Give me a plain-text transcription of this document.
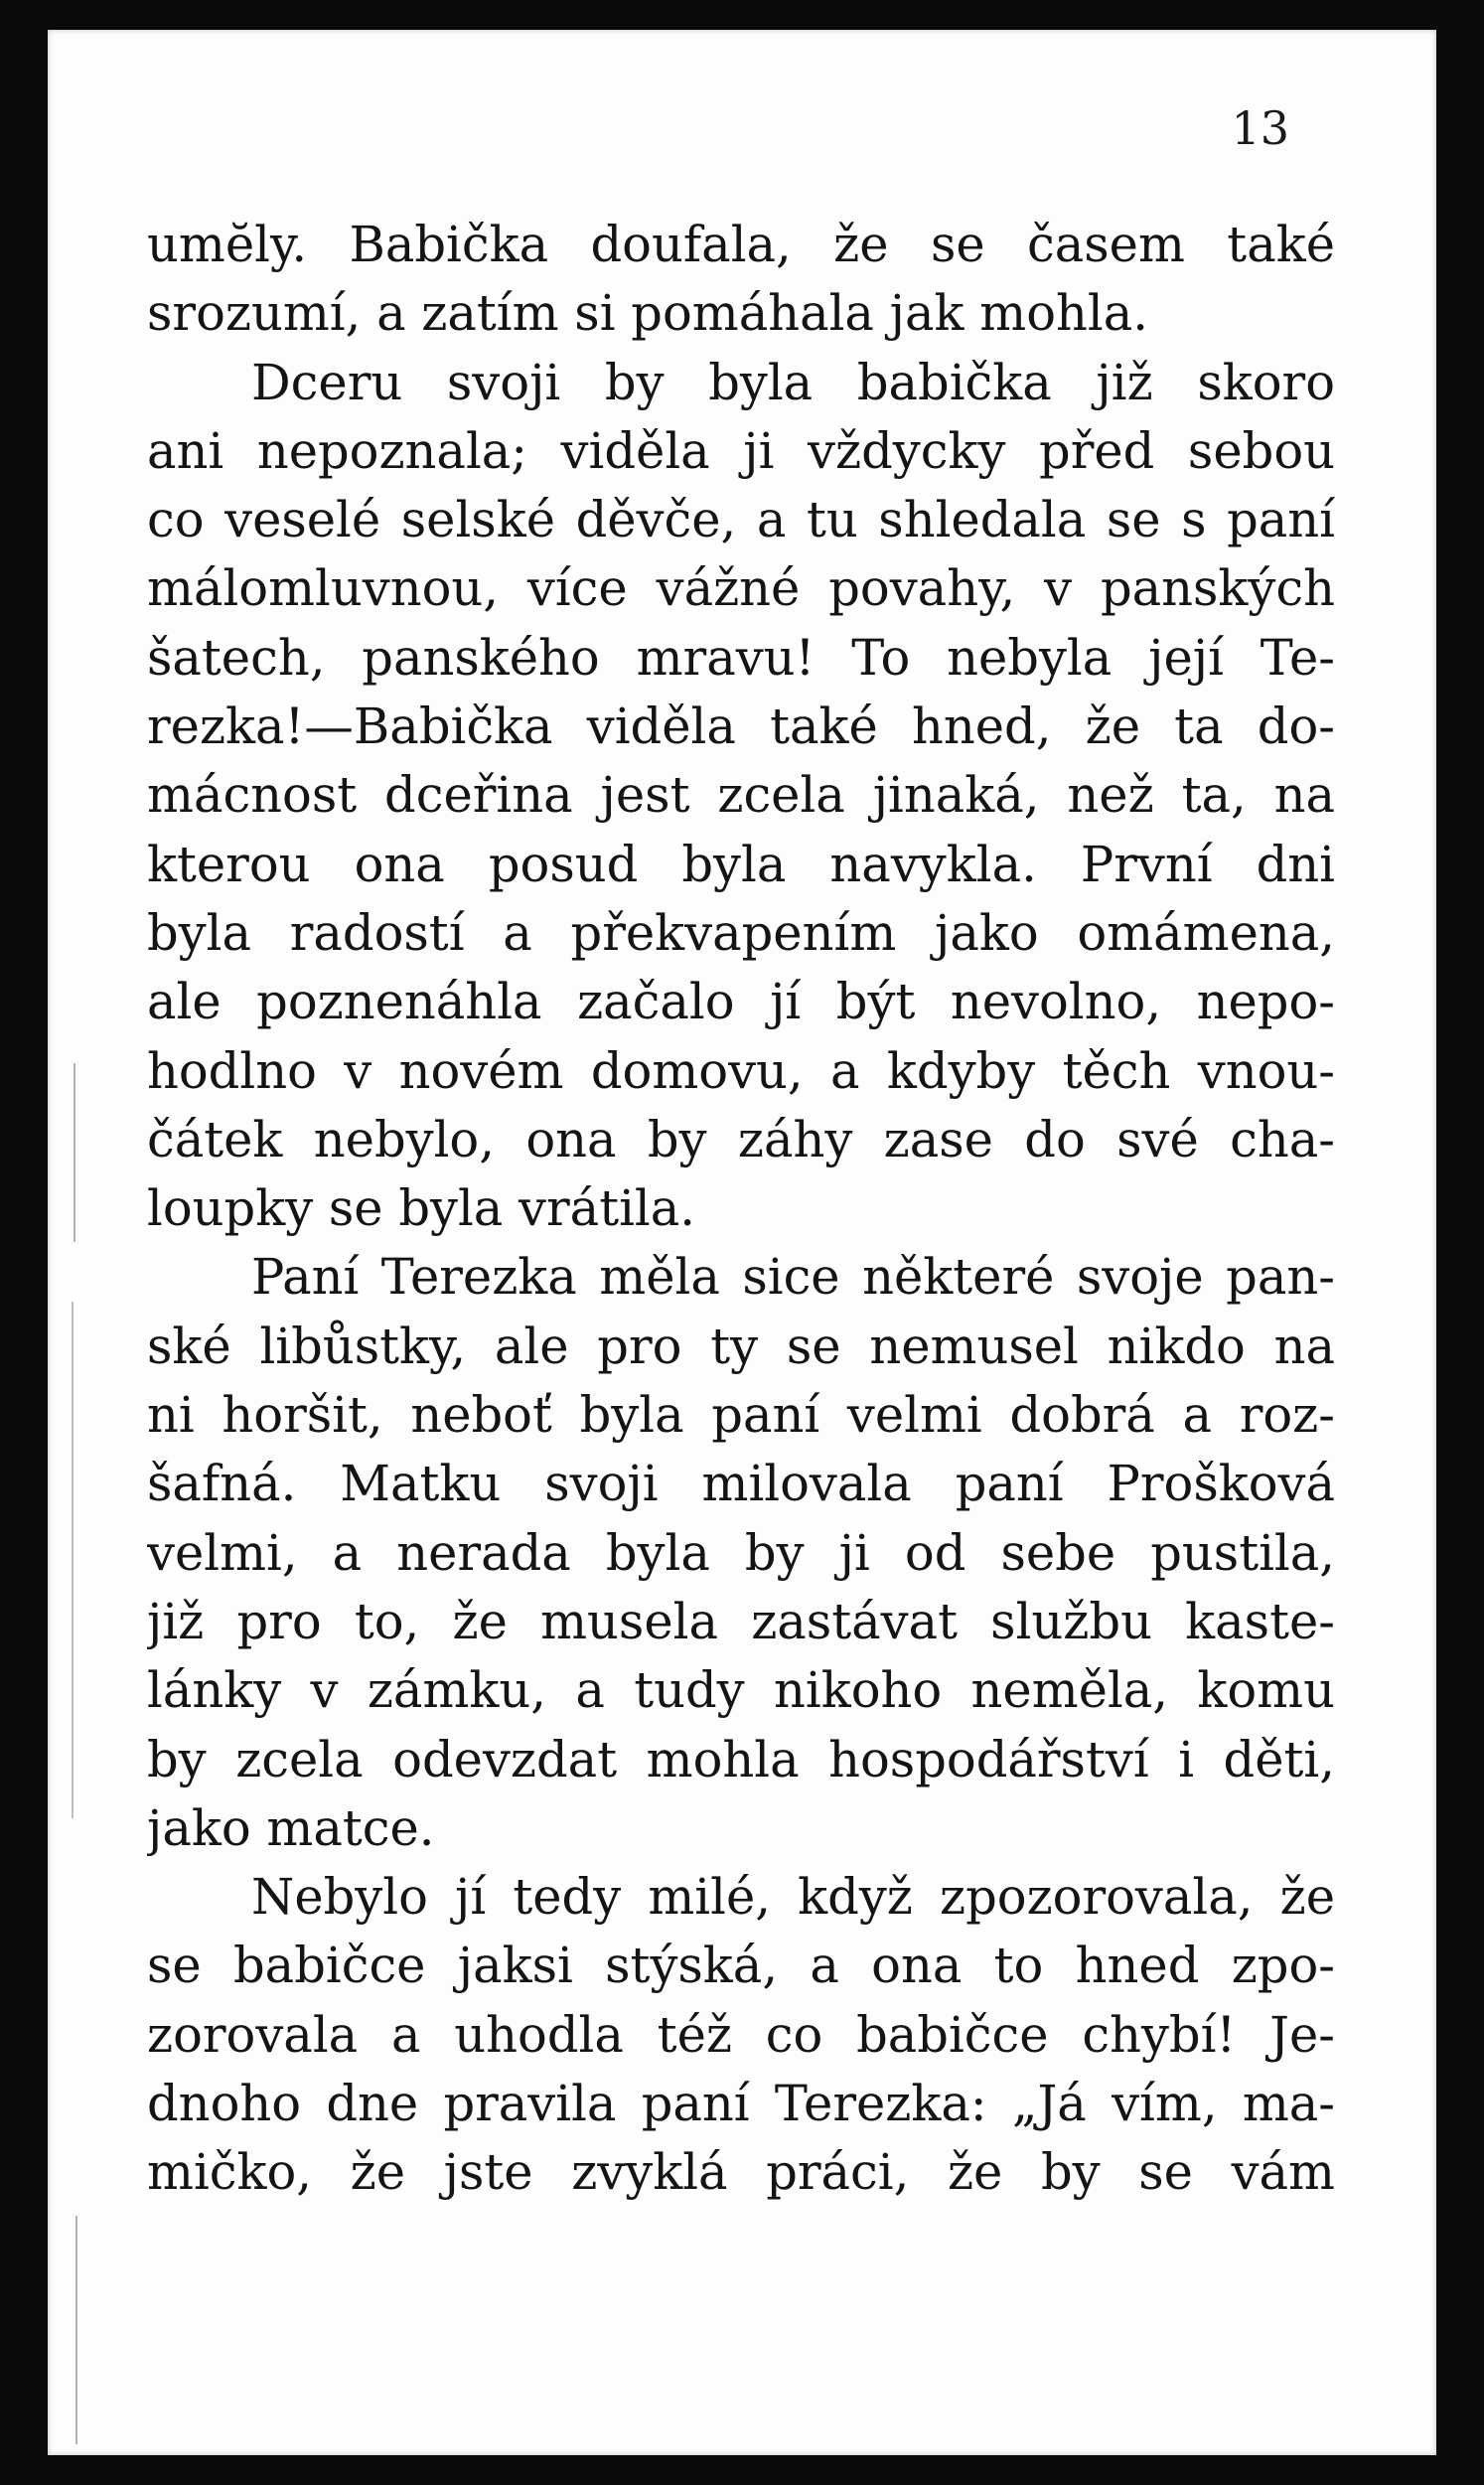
13
umĕly. Babička doufala, že se časem také
srozumí, a zatím si pomáhala jak mohla.
Dceru svoji by byla babička již skoro
ani nepoznala; viděla ji vždycky před sebou
co veselé selské děvče, a tu shledala se s paní
málomluvnou, více vážné povahy, v panských
šatech, panského mravu! To nebyla její Te-
rezka!—Babička viděla také hned, že ta do-
mácnost dceřina jest zcela jinaká, než ta, na
kterou ona posud byla navykla. První dni
byla radostí a překvapením jako omámena,
ale poznenáhla začalo jí být nevolno, nepo-
hodlno v novém domovu, a kdyby těch vnou-
čátek nebylo, ona by záhy zase do své cha-
loupky se byla vrátila.
Paní Terezka měla sice některé svoje pan-
ské libůstky, ale pro ty se nemusel nikdo na
ni horšit, neboť byla paní velmi dobrá a roz-
šafná. Matku svoji milovala paní Prošková
velmi, a nerada byla by ji od sebe pustila,
již pro to, že musela zastávat službu kaste-
lánky v zámku, a tudy nikoho neměla, komu
by zcela odevzdat mohla hospodářství i děti,
jako matce.
Nebylo jí tedy milé, když zpozorovala, že
se babičce jaksi stýská, a ona to hned zpo-
zorovala a uhodla též co babičce chybí! Je-
dnoho dne pravila paní Terezka: „Já vím, ma-
mičko, že jste zvyklá práci, že by se vám
